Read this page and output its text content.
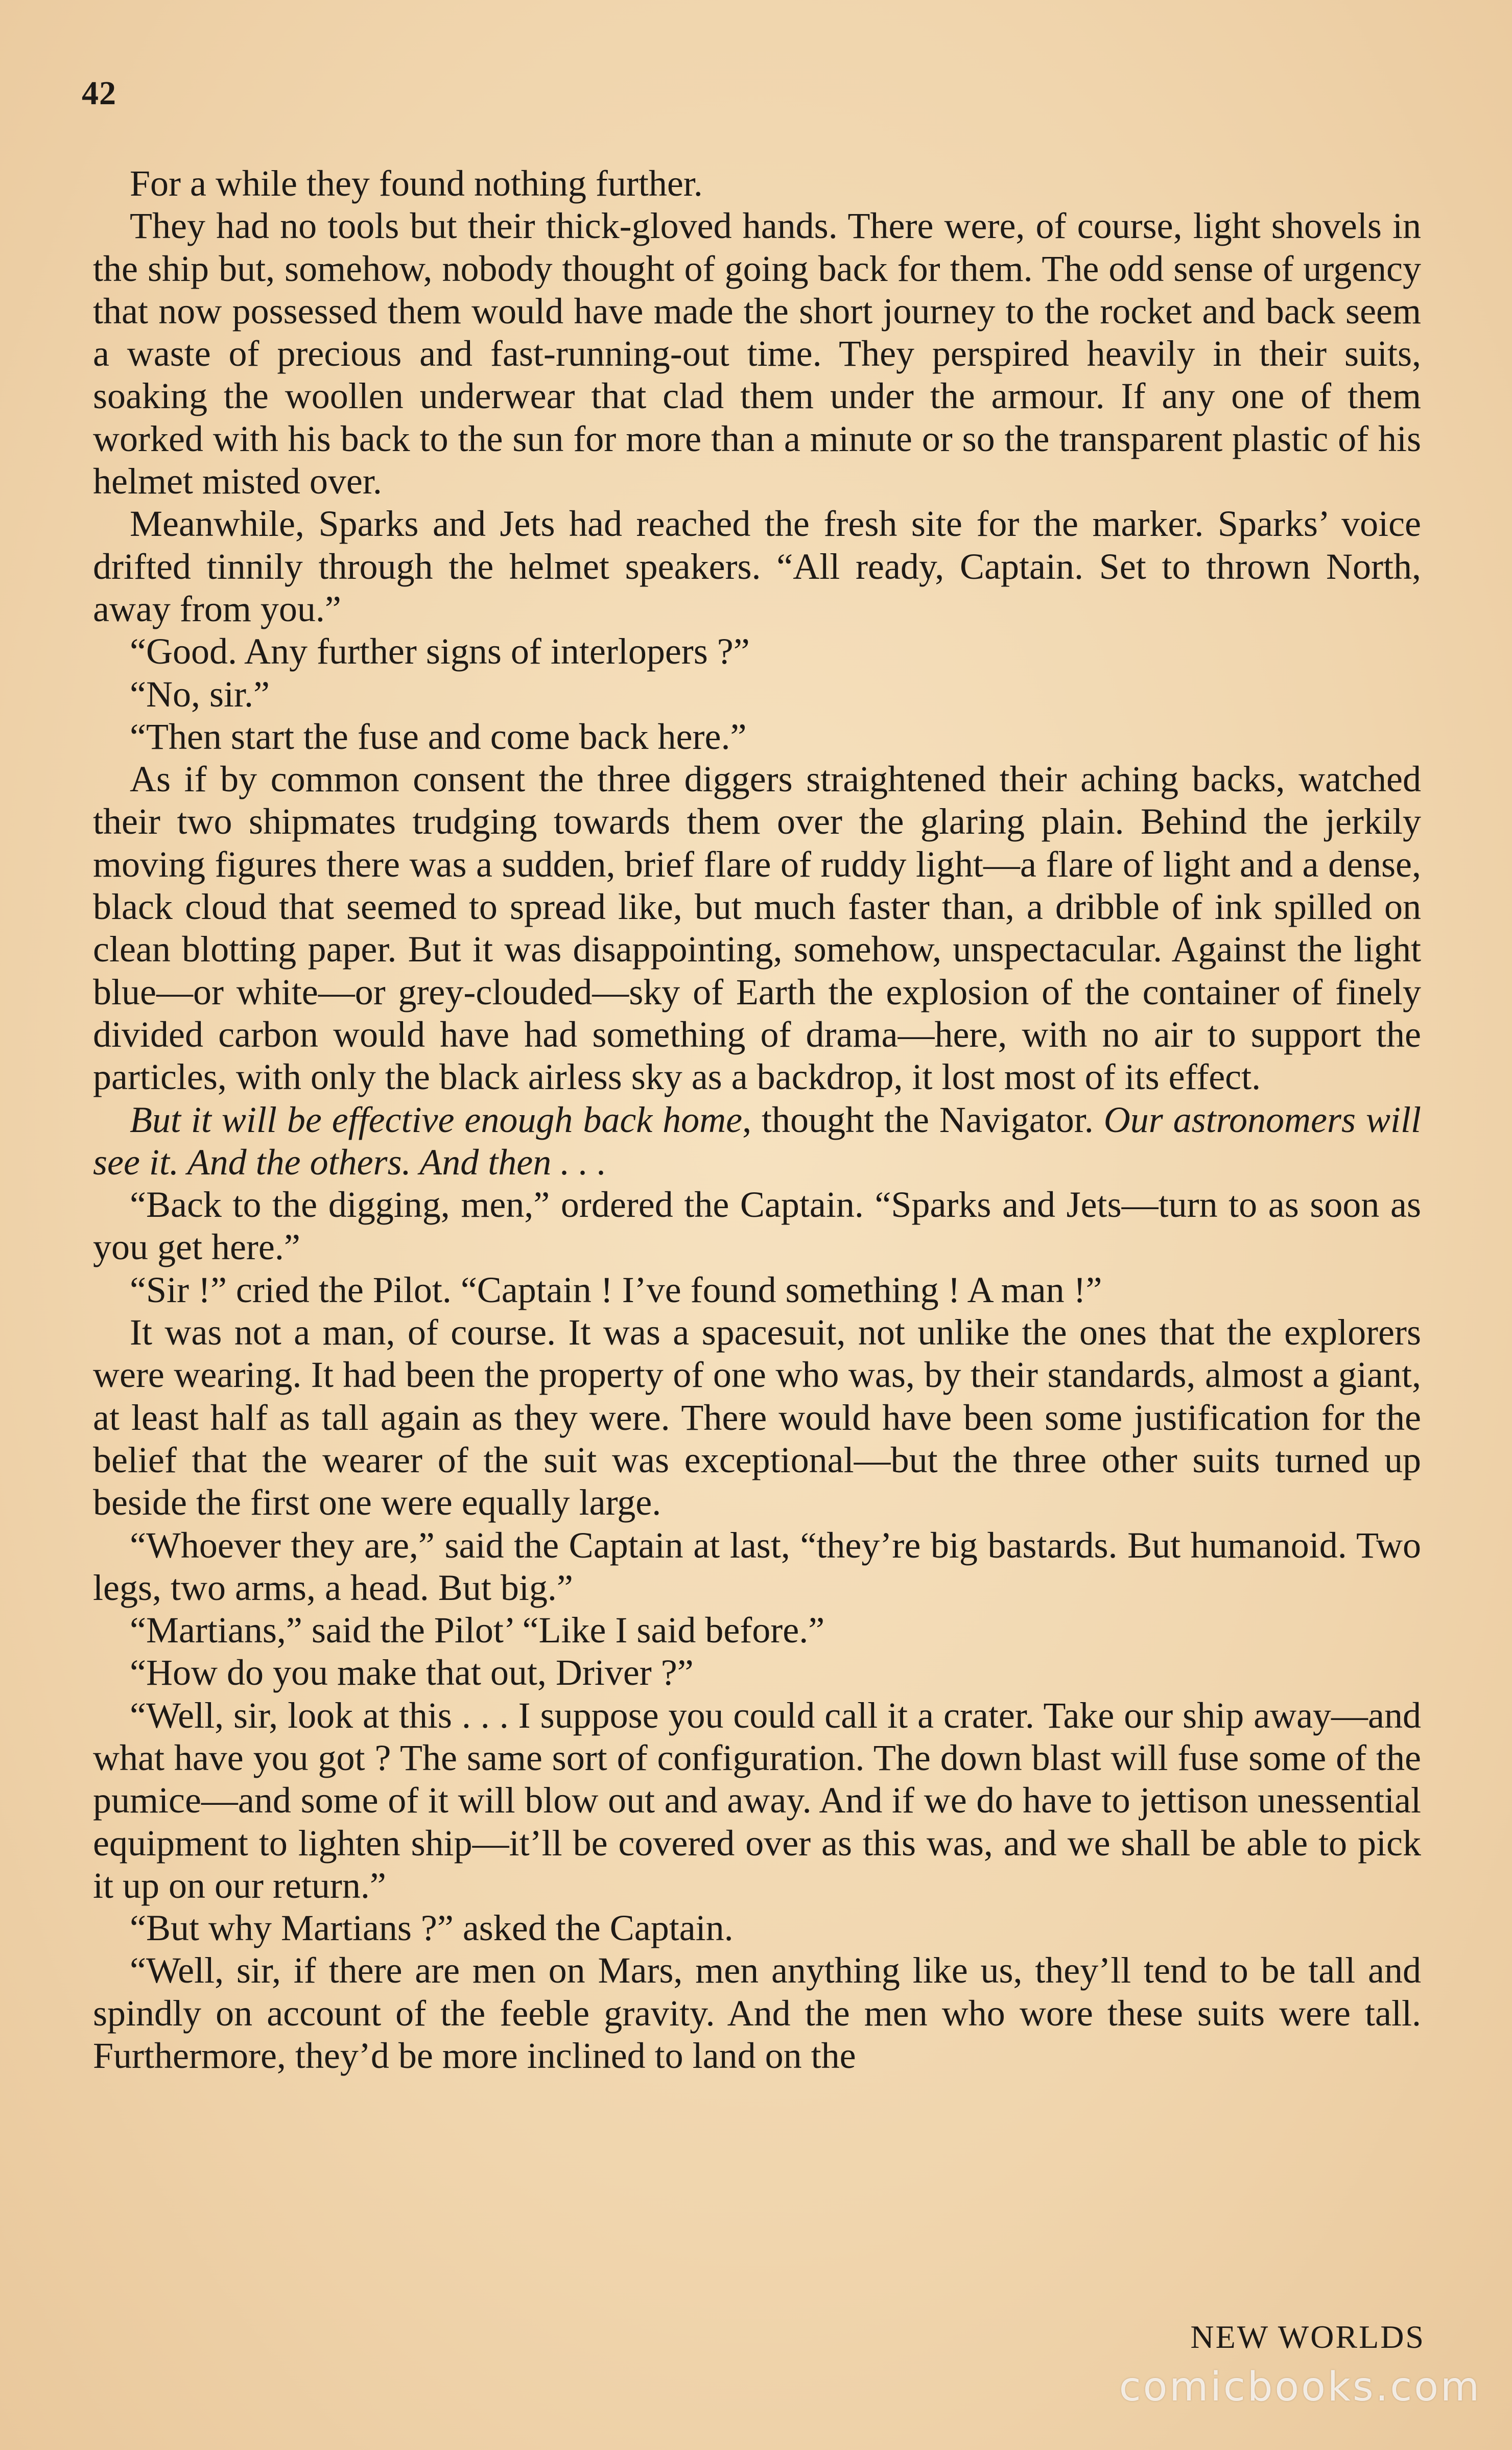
42

For a while they found nothing further.

They had no tools but their thick-gloved hands. There were, of course, light shovels in the ship but, somehow, nobody thought of going back for them. The odd sense of urgency that now possessed them would have made the short journey to the rocket and back seem a waste of precious and fast-running-out time. They perspired heavily in their suits, soaking the woollen underwear that clad them under the armour. If any one of them worked with his back to the sun for more than a minute or so the transparent plastic of his helmet misted over.

Meanwhile, Sparks and Jets had reached the fresh site for the marker. Sparks’ voice drifted tinnily through the helmet speakers. “All ready, Captain. Set to thrown North, away from you.”

“Good. Any further signs of interlopers ?”

“No, sir.”

“Then start the fuse and come back here.”

As if by common consent the three diggers straightened their aching backs, watched their two shipmates trudging towards them over the glaring plain. Behind the jerkily moving figures there was a sudden, brief flare of ruddy light—a flare of light and a dense, black cloud that seemed to spread like, but much faster than, a dribble of ink spilled on clean blotting paper. But it was disappointing, somehow, unspectacular. Against the light blue—or white—or grey-clouded—sky of Earth the explosion of the container of finely divided carbon would have had something of drama—here, with no air to support the particles, with only the black airless sky as a backdrop, it lost most of its effect.

But it will be effective enough back home, thought the Navigator. Our astronomers will see it. And the others. And then . . .

“Back to the digging, men,” ordered the Captain. “Sparks and Jets—turn to as soon as you get here.”

“Sir !” cried the Pilot. “Captain ! I’ve found something ! A man !”

It was not a man, of course. It was a spacesuit, not unlike the ones that the explorers were wearing. It had been the property of one who was, by their standards, almost a giant, at least half as tall again as they were. There would have been some justification for the belief that the wearer of the suit was exceptional—but the three other suits turned up beside the first one were equally large.

“Whoever they are,” said the Captain at last, “they’re big bastards. But humanoid. Two legs, two arms, a head. But big.”

“Martians,” said the Pilot’ “Like I said before.”

“How do you make that out, Driver ?”

“Well, sir, look at this . . . I suppose you could call it a crater. Take our ship away—and what have you got ? The same sort of configuration. The down blast will fuse some of the pumice—and some of it will blow out and away. And if we do have to jettison unessential equipment to lighten ship—it’ll be covered over as this was, and we shall be able to pick it up on our return.”

“But why Martians ?” asked the Captain.

“Well, sir, if there are men on Mars, men anything like us, they’ll tend to be tall and spindly on account of the feeble gravity. And the men who wore these suits were tall. Furthermore, they’d be more inclined to land on the

NEW WORLDS
comicbooks.com
